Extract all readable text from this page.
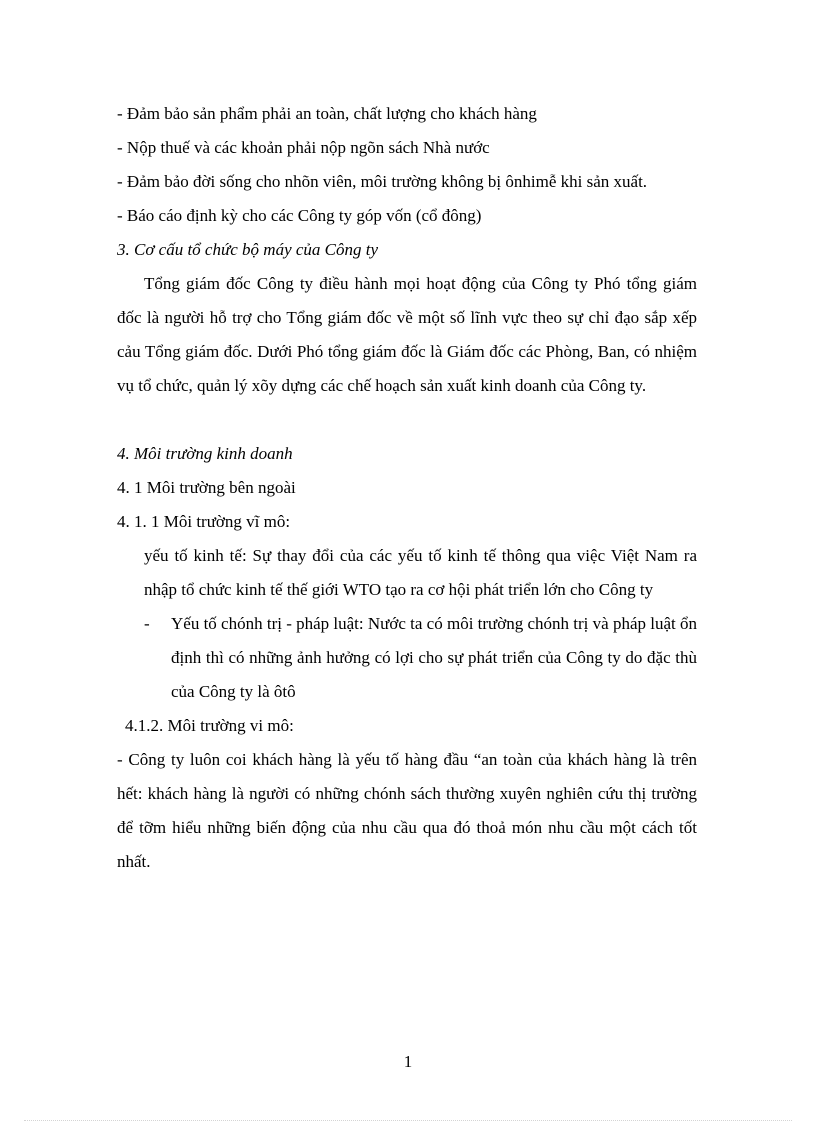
- Đảm bảo sản phẩm phải an toàn, chất lượng cho khách hàng

- Nộp thuế và các khoản phải nộp ngõn sách Nhà nước

- Đảm bảo đời sống cho nhõn viên, môi trường không bị ônhimễ khi sản xuất.

- Báo cáo định kỳ cho các Công ty góp vốn (cổ đông)

3. Cơ cấu tổ chức bộ máy của Công ty

Tổng giám đốc Công ty điều hành mọi hoạt động của Công ty Phó tổng giám đốc là người hỗ trợ cho Tổng giám đốc về một số lĩnh vực theo sự chỉ đạo sắp xếp cảu Tổng giám đốc. Dưới Phó tổng giám đốc là Giám đốc các Phòng, Ban, có nhiệm vụ tổ chức, quản lý xõy dựng các chế hoạch sản xuất kinh doanh của Công ty.

4. Môi trường kinh doanh

4. 1 Môi trường bên ngoài

4. 1. 1 Môi trường vĩ mô:

yếu tố kinh tế: Sự thay đổi của các yếu tố kinh tế thông qua việc Việt Nam ra nhập tổ chức kinh tế thế giới WTO tạo ra cơ hội phát triển lớn cho Công ty

- Yếu tố chónh trị - pháp luật: Nước ta có môi trường chónh trị và pháp luật ổn định thì có những ảnh hưởng có lợi cho sự phát triển của Công ty do đặc thù của Công ty là ôtô

4.1.2. Môi trường vi mô:

- Công ty luôn coi khách hàng là yếu tố hàng đầu “an toàn của khách hàng là trên hết: khách hàng là người có những chónh sách thường xuyên nghiên cứu thị trường để tỡm hiểu những biến động của nhu cầu qua đó thoả món nhu cầu một cách tốt nhất.

1
